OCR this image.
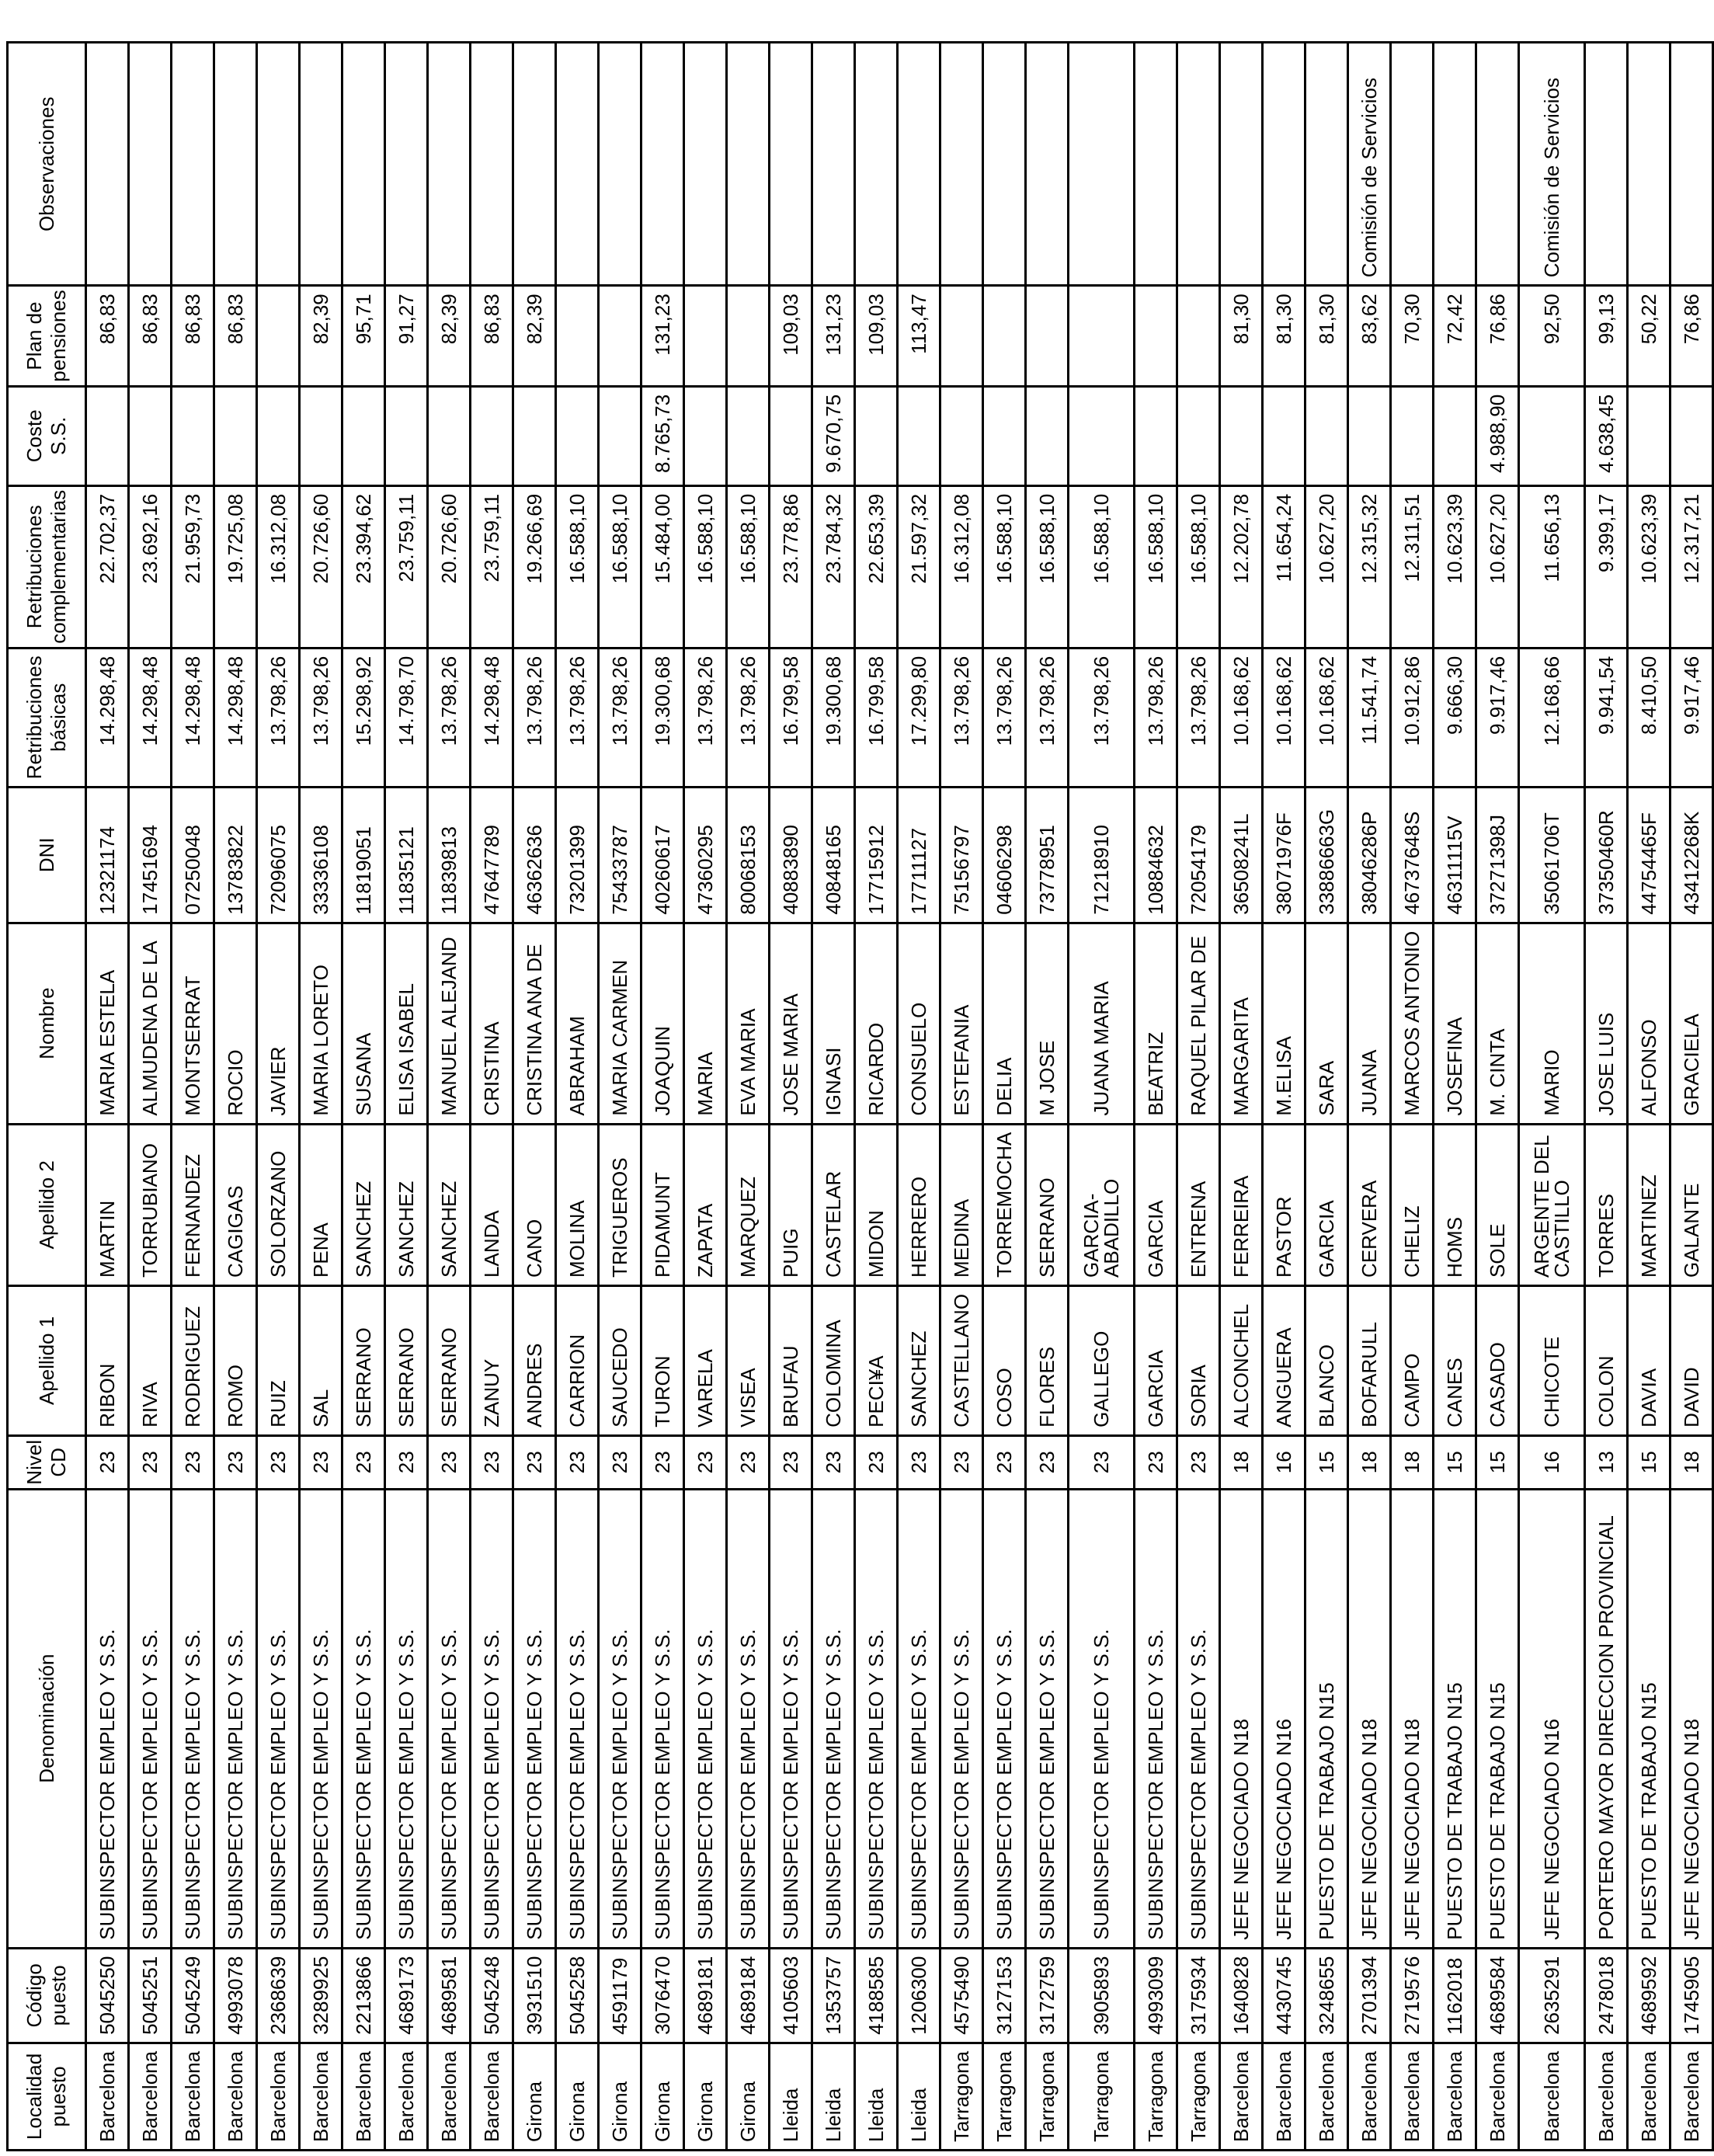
Localidad puesto	Código puesto	Denominación	Nivel CD	Apellido 1	Apellido 2	Nombre	DNI	Retribuciones básicas	Retribuciones complementarias	Coste S.S.	Plan de pensiones	Observaciones
Barcelona	5045250	SUBINSPECTOR EMPLEO Y S.S.	23	RIBON	MARTIN	MARIA ESTELA	12321174	14.298,48	22.702,37		86,83	
Barcelona	5045251	SUBINSPECTOR EMPLEO Y S.S.	23	RIVA	TORRUBIANO	ALMUDENA DE LA	17451694	14.298,48	23.692,16		86,83	
Barcelona	5045249	SUBINSPECTOR EMPLEO Y S.S.	23	RODRIGUEZ	FERNANDEZ	MONTSERRAT	07250048	14.298,48	21.959,73		86,83	
Barcelona	4993078	SUBINSPECTOR EMPLEO Y S.S.	23	ROMO	CAGIGAS	ROCIO	13783822	14.298,48	19.725,08		86,83	
Barcelona	2368639	SUBINSPECTOR EMPLEO Y S.S.	23	RUIZ	SOLORZANO	JAVIER	72096075	13.798,26	16.312,08			
Barcelona	3289925	SUBINSPECTOR EMPLEO Y S.S.	23	SAL	PENA	MARIA LORETO	33336108	13.798,26	20.726,60		82,39	
Barcelona	2213866	SUBINSPECTOR EMPLEO Y S.S.	23	SERRANO	SANCHEZ	SUSANA	11819051	15.298,92	23.394,62		95,71	
Barcelona	4689173	SUBINSPECTOR EMPLEO Y S.S.	23	SERRANO	SANCHEZ	ELISA ISABEL	11835121	14.798,70	23.759,11		91,27	
Barcelona	4689581	SUBINSPECTOR EMPLEO Y S.S.	23	SERRANO	SANCHEZ	MANUEL ALEJAND	11839813	13.798,26	20.726,60		82,39	
Barcelona	5045248	SUBINSPECTOR EMPLEO Y S.S.	23	ZANUY	LANDA	CRISTINA	47647789	14.298,48	23.759,11		86,83	
Girona	3931510	SUBINSPECTOR EMPLEO Y S.S.	23	ANDRES	CANO	CRISTINA ANA DE	46362636	13.798,26	19.266,69		82,39	
Girona	5045258	SUBINSPECTOR EMPLEO Y S.S.	23	CARRION	MOLINA	ABRAHAM	73201399	13.798,26	16.588,10			
Girona	4591179	SUBINSPECTOR EMPLEO Y S.S.	23	SAUCEDO	TRIGUEROS	MARIA CARMEN	75433787	13.798,26	16.588,10			
Girona	3076470	SUBINSPECTOR EMPLEO Y S.S.	23	TURON	PIDAMUNT	JOAQUIN	40260617	19.300,68	15.484,00	8.765,73	131,23	
Girona	4689181	SUBINSPECTOR EMPLEO Y S.S.	23	VARELA	ZAPATA	MARIA	47360295	13.798,26	16.588,10			
Girona	4689184	SUBINSPECTOR EMPLEO Y S.S.	23	VISEA	MARQUEZ	EVA MARIA	80068153	13.798,26	16.588,10			
Lleida	4105603	SUBINSPECTOR EMPLEO Y S.S.	23	BRUFAU	PUIG	JOSE MARIA	40883890	16.799,58	23.778,86		109,03	
Lleida	1353757	SUBINSPECTOR EMPLEO Y S.S.	23	COLOMINA	CASTELAR	IGNASI	40848165	19.300,68	23.784,32	9.670,75	131,23	
Lleida	4188585	SUBINSPECTOR EMPLEO Y S.S.	23	PECI¥A	MIDON	RICARDO	17715912	16.799,58	22.653,39		109,03	
Lleida	1206300	SUBINSPECTOR EMPLEO Y S.S.	23	SANCHEZ	HERRERO	CONSUELO	17711127	17.299,80	21.597,32		113,47	
Tarragona	4575490	SUBINSPECTOR EMPLEO Y S.S.	23	CASTELLANO	MEDINA	ESTEFANIA	75156797	13.798,26	16.312,08			
Tarragona	3127153	SUBINSPECTOR EMPLEO Y S.S.	23	COSO	TORREMOCHA	DELIA	04606298	13.798,26	16.588,10			
Tarragona	3172759	SUBINSPECTOR EMPLEO Y S.S.	23	FLORES	SERRANO	M JOSE	73778951	13.798,26	16.588,10			
Tarragona	3905893	SUBINSPECTOR EMPLEO Y S.S.	23	GALLEGO	GARCIA-ABADILLO	JUANA MARIA	71218910	13.798,26	16.588,10			
Tarragona	4993099	SUBINSPECTOR EMPLEO Y S.S.	23	GARCIA	GARCIA	BEATRIZ	10884632	13.798,26	16.588,10			
Tarragona	3175934	SUBINSPECTOR EMPLEO Y S.S.	23	SORIA	ENTRENA	RAQUEL PILAR DE	72054179	13.798,26	16.588,10			
Barcelona	1640828	JEFE NEGOCIADO N18	18	ALCONCHEL	FERREIRA	MARGARITA	36508241L	10.168,62	12.202,78		81,30	
Barcelona	4430745	JEFE NEGOCIADO N16	16	ANGUERA	PASTOR	M.ELISA	38071976F	10.168,62	11.654,24		81,30	
Barcelona	3248655	PUESTO DE TRABAJO N15	15	BLANCO	GARCIA	SARA	33886663G	10.168,62	10.627,20		81,30	
Barcelona	2701394	JEFE NEGOCIADO N18	18	BOFARULL	CERVERA	JUANA	38046286P	11.541,74	12.315,32		83,62	Comisión de Servicios
Barcelona	2719576	JEFE NEGOCIADO N18	18	CAMPO	CHELIZ	MARCOS ANTONIO	46737648S	10.912,86	12.311,51		70,30	
Barcelona	1162018	PUESTO DE TRABAJO N15	15	CANES	HOMS	JOSEFINA	46311115V	9.666,30	10.623,39		72,42	
Barcelona	4689584	PUESTO DE TRABAJO N15	15	CASADO	SOLE	M. CINTA	37271398J	9.917,46	10.627,20	4.988,90	76,86	
Barcelona	2635291	JEFE NEGOCIADO N16	16	CHICOTE	ARGENTE DEL CASTILLO	MARIO	35061706T	12.168,66	11.656,13		92,50	Comisión de Servicios
Barcelona	2478018	PORTERO MAYOR DIRECCION PROVINCIAL	13	COLON	TORRES	JOSE LUIS	37350460R	9.941,54	9.399,17	4.638,45	99,13	
Barcelona	4689592	PUESTO DE TRABAJO N15	15	DAVIA	MARTINEZ	ALFONSO	44754465F	8.410,50	10.623,39		50,22	
Barcelona	1745905	JEFE NEGOCIADO N18	18	DAVID	GALANTE	GRACIELA	43412268K	9.917,46	12.317,21		76,86	
